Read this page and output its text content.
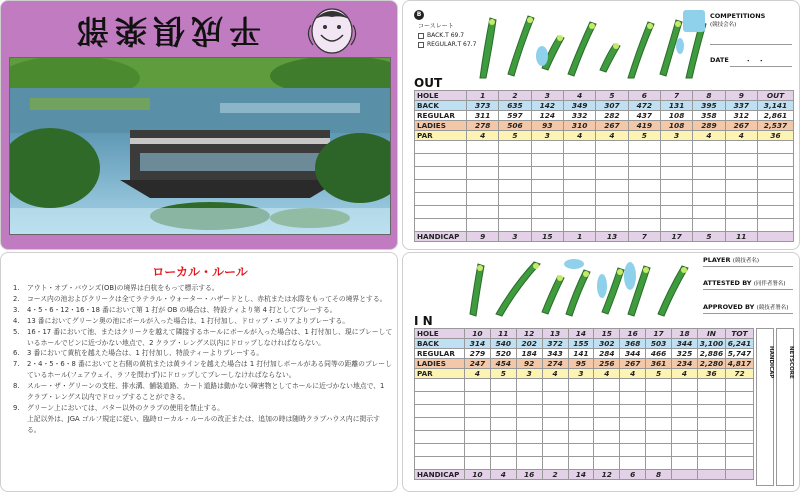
平成倶楽部
ローカル・ルール
1.	アウト・オブ・バウンズ(OB)の境界は白杭をもって標示する。
2.	コース内の池およびクリークは全てラテラル・ウォーター・ハザードとし、赤杭または水際をもってその境界とする。
3.	4・5・6・12・16・18 番において第 1 打が OB の場合は、特設ティより第 4 打としてプレーする。
4.	13 番においてグリーン奥の池にボールが入った場合は、1 打付加し、ドロップ・エリアよりプレーする。
5.	16・17 番において池、またはクリークを越えて隣接するホールにボールが入った場合は、1 打付加し、現にプレーしているホールでピンに近づかない地点で、2 クラブ・レングス以内にドロップしなければならない。
6.	3 番において黄杭を越えた場合は、1 打付加し、特設ティーよりプレーする。
7.	2・4・5・6・8 番においてと右側の黄杭または黄ラインを越えた場合は 1 打付加しボールがある同等の距離のプレーしているホール(フェアウェイ、ラフを問わず)にドロップしてプレーしなければならない。
8.	スルー・ザ・グリーンの支柱、排水溝、舗装道路、カート道路は動かない障害物としてホールに近づかない地点で、1 クラブ・レングス以内でドロップすることができる。
9.	グリーン上においては、パター以外のクラブの使用を禁止する。
上記以外は、JGA ゴルフ規定に従い、臨時ローカル・ルールの改正または、追加の時は随時クラブハウス内に掲示する。
B
コースレート
BACK.T 69.7
REGULAR.T 67.7
COMPETITIONS
(競技会名)
DATE ・　・
OUT
HOLE	1	2	3	4	5	6	7	8	9	OUT
BACK	373	635	142	349	307	472	131	395	337	3,141
REGULAR	311	597	124	332	282	437	108	358	312	2,861
LADIES	278	506	93	310	267	419	108	289	267	2,537
PAR	4	5	3	4	4	5	3	4	4	36

HANDICAP	9	3	15	1	13	7	17	5	11	
PLAYER (競技者名)
ATTESTED BY (同伴者署名)
APPROVED BY (競技者署名)
I N
HOLE	10	11	12	13	14	15	16	17	18	IN	TOT
BACK	314	540	202	372	155	302	368	503	344	3,100	6,241
REGULAR	279	520	184	343	141	284	344	466	325	2,886	5,747
LADIES	247	454	92	274	95	256	267	361	234	2,280	4,817
PAR	4	5	3	4	3	4	4	5	4	36	72

HANDICAP	10	4	16	2	14	12	6	8			
HANDICAP	NETSCORE
